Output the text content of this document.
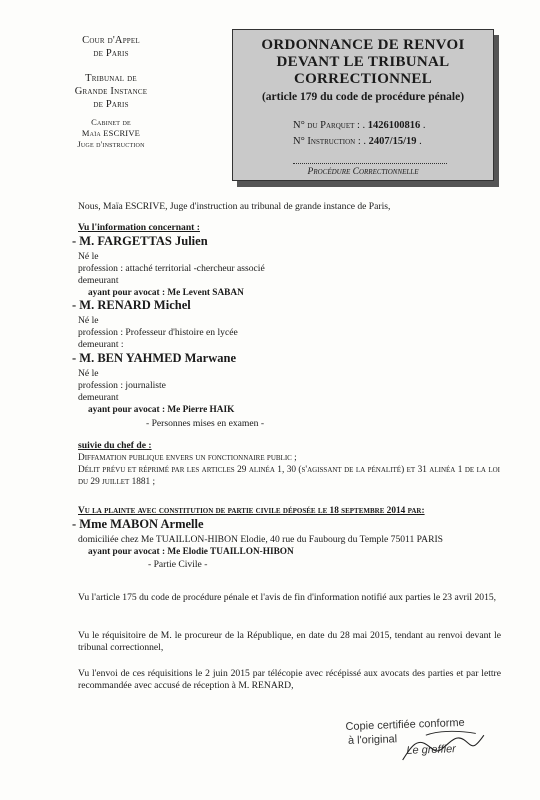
Cour d'Appel
de Paris
Tribunal de
Grande Instance
de Paris
Cabinet de
Maïa ESCRIVE
Juge d'instruction
ORDONNANCE DE RENVOI
DEVANT LE TRIBUNAL
CORRECTIONNEL
(article 179 du code de procédure pénale)
N° du Parquet : . 1426100816 .
N° Instruction : . 2407/15/19 .
Procédure Correctionnelle
Nous, Maïa ESCRIVE, Juge d'instruction au tribunal de grande instance de Paris,
Vu l'information concernant :
- M. FARGETTAS Julien
Né le
profession : attaché territorial -chercheur associé
demeurant
ayant pour avocat : Me Levent SABAN
- M. RENARD Michel
Né le
profession : Professeur d'histoire en lycée
demeurant :
- M. BEN YAHMED Marwane
Né le
profession : journaliste
demeurant
ayant pour avocat : Me Pierre HAIK
- Personnes mises en examen -
suivie du chef de :
Diffamation publique envers un fonctionnaire public ;
Délit prévu et réprimé par les articles 29 alinéa 1, 30 (s'agissant de la pénalité) et 31 alinéa 1 de la loi du 29 juillet 1881 ;
Vu la plainte avec constitution de partie civile déposée le 18 septembre 2014 par:
- Mme MABON Armelle
domiciliée chez Me TUAILLON-HIBON Elodie, 40 rue du Faubourg du Temple 75011 PARIS
ayant pour avocat : Me Elodie TUAILLON-HIBON
- Partie Civile -
Vu l'article 175 du code de procédure pénale et l'avis de fin d'information notifié aux parties le 23 avril 2015,
Vu le réquisitoire de M. le procureur de la République, en date du 28 mai 2015, tendant au renvoi devant le tribunal correctionnel,
Vu l'envoi de ces réquisitions le 2 juin 2015 par télécopie avec récépissé aux avocats des parties et par lettre recommandée avec accusé de réception à M. RENARD,
Copie certifiée conforme
à l'original
Le greffier
